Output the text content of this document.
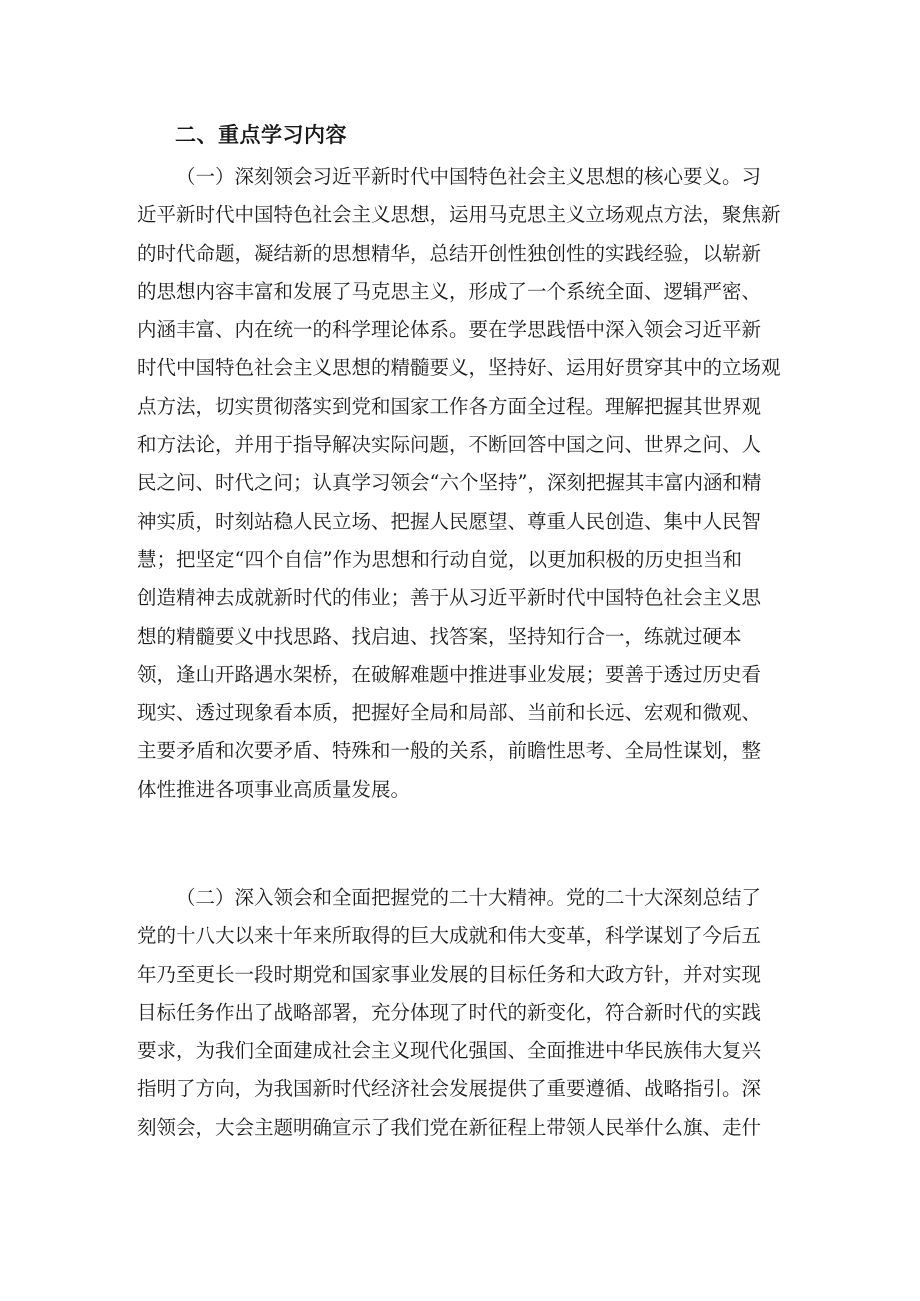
二、重点学习内容
（一）深刻领会习近平新时代中国特色社会主义思想的核心要义。习
近平新时代中国特色社会主义思想，运用马克思主义立场观点方法，聚焦新
的时代命题，凝结新的思想精华，总结开创性独创性的实践经验，以崭新
的思想内容丰富和发展了马克思主义，形成了一个系统全面、逻辑严密、
内涵丰富、内在统一的科学理论体系。要在学思践悟中深入领会习近平新
时代中国特色社会主义思想的精髓要义，坚持好、运用好贯穿其中的立场观
点方法，切实贯彻落实到党和国家工作各方面全过程。理解把握其世界观
和方法论，并用于指导解决实际问题，不断回答中国之问、世界之问、人
民之问、时代之问；认真学习领会“六个坚持”，深刻把握其丰富内涵和精
神实质，时刻站稳人民立场、把握人民愿望、尊重人民创造、集中人民智
慧；把坚定“四个自信”作为思想和行动自觉，以更加积极的历史担当和
创造精神去成就新时代的伟业；善于从习近平新时代中国特色社会主义思
想的精髓要义中找思路、找启迪、找答案，坚持知行合一，练就过硬本
领，逢山开路遇水架桥，在破解难题中推进事业发展；要善于透过历史看
现实、透过现象看本质，把握好全局和局部、当前和长远、宏观和微观、
主要矛盾和次要矛盾、特殊和一般的关系，前瞻性思考、全局性谋划，整
体性推进各项事业高质量发展。
（二）深入领会和全面把握党的二十大精神。党的二十大深刻总结了
党的十八大以来十年来所取得的巨大成就和伟大变革，科学谋划了今后五
年乃至更长一段时期党和国家事业发展的目标任务和大政方针，并对实现
目标任务作出了战略部署，充分体现了时代的新变化，符合新时代的实践
要求，为我们全面建成社会主义现代化强国、全面推进中华民族伟大复兴
指明了方向，为我国新时代经济社会发展提供了重要遵循、战略指引。深
刻领会，大会主题明确宣示了我们党在新征程上带领人民举什么旗、走什
